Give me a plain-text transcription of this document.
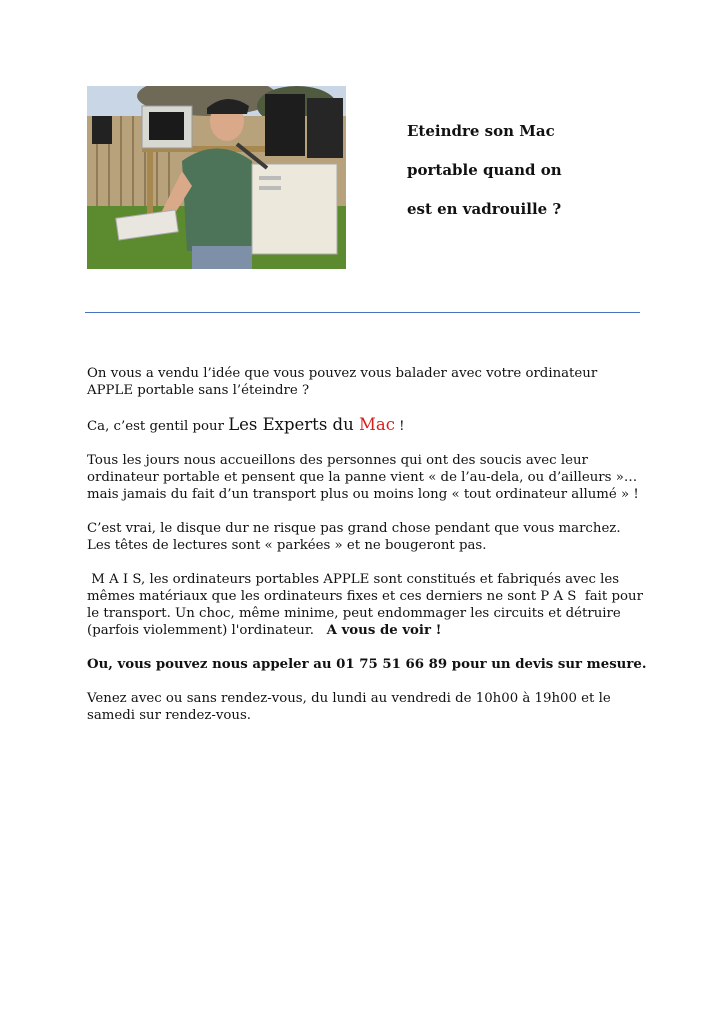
Eteindre son Mac
portable quand on
est en vadrouille ?

On vous a vendu l’idée que vous pouvez vous balader avec votre ordinateur APPLE portable sans l’éteindre ?

Ca, c’est gentil pour Les Experts du Mac !

Tous les jours nous accueillons des personnes qui ont des soucis avec leur ordinateur portable et pensent que la panne vient « de l’au-dela, ou d’ailleurs »… mais jamais du fait d’un transport plus ou moins long « tout ordinateur allumé » !

C’est vrai, le disque dur ne risque pas grand chose pendant que vous marchez. Les têtes de lectures sont « parkées » et ne bougeront pas.

M A I S, les ordinateurs portables APPLE sont constitués et fabriqués avec les mêmes matériaux que les ordinateurs fixes et ces derniers ne sont P A S  fait pour le transport. Un choc, même minime, peut endommager les circuits et détruire (parfois violemment) l'ordinateur.   A vous de voir !

Ou, vous pouvez nous appeler au 01 75 51 66 89 pour un devis sur mesure.

Venez avec ou sans rendez-vous, du lundi au vendredi de 10h00 à 19h00 et le samedi sur rendez-vous.
